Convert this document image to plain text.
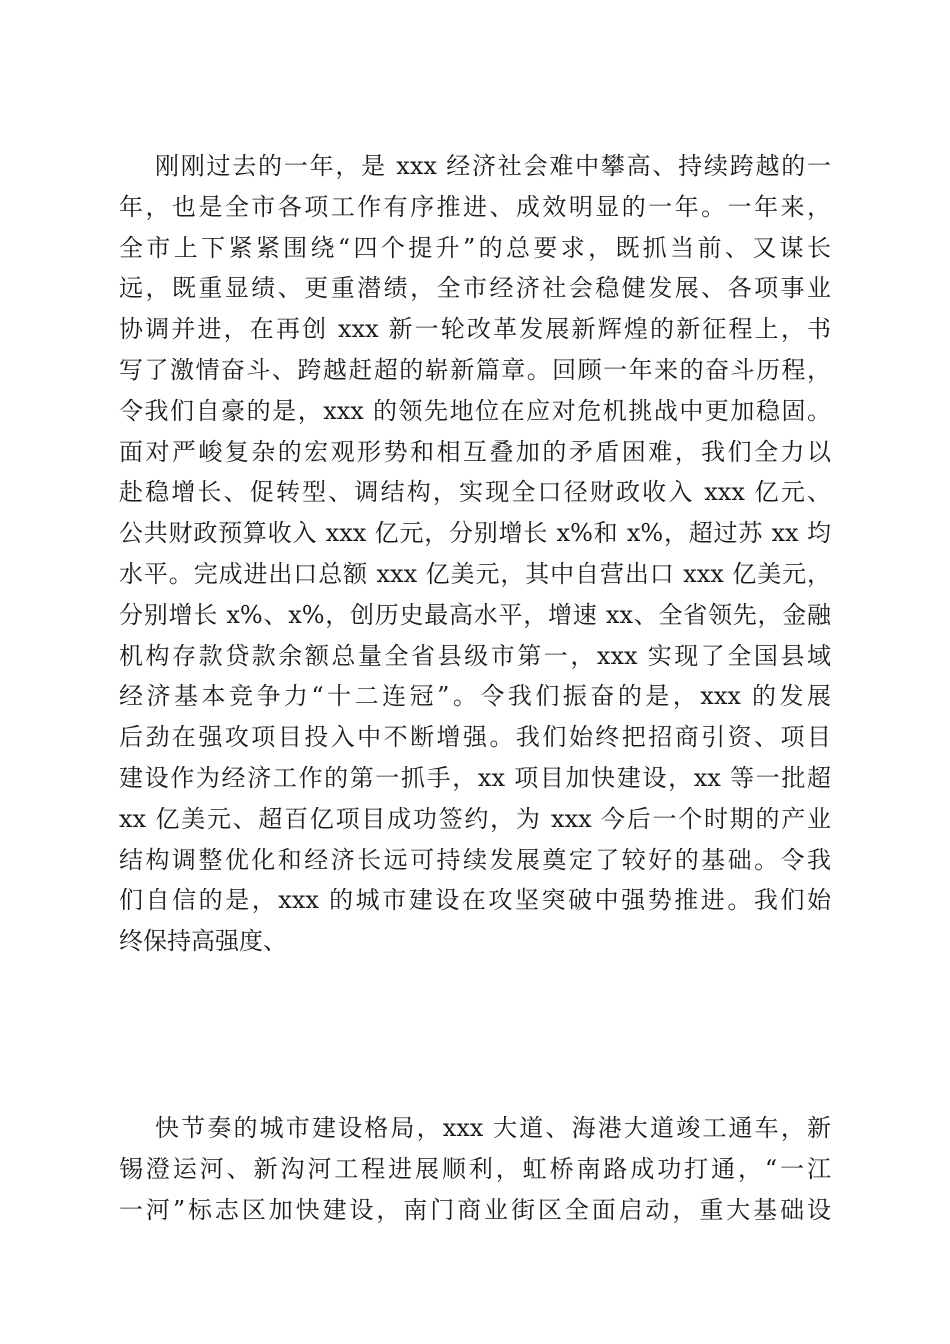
刚刚过去的一年，是 xxx 经济社会难中攀高、持续跨越的一
年，也是全市各项工作有序推进、成效明显的一年。一年来，
全市上下紧紧围绕“四个提升”的总要求，既抓当前、又谋长
远，既重显绩、更重潜绩，全市经济社会稳健发展、各项事业
协调并进，在再创 xxx 新一轮改革发展新辉煌的新征程上，书
写了激情奋斗、跨越赶超的崭新篇章。回顾一年来的奋斗历程，
令我们自豪的是，xxx 的领先地位在应对危机挑战中更加稳固。
面对严峻复杂的宏观形势和相互叠加的矛盾困难，我们全力以
赴稳增长、促转型、调结构，实现全口径财政收入 xxx 亿元、
公共财政预算收入 xxx 亿元，分别增长 x%和 x%，超过苏 xx 均
水平。完成进出口总额 xxx 亿美元，其中自营出口 xxx 亿美元，
分别增长 x%、x%，创历史最高水平，增速 xx、全省领先，金融
机构存款贷款余额总量全省县级市第一，xxx 实现了全国县域
经济基本竞争力“十二连冠”。令我们振奋的是，xxx 的发展
后劲在强攻项目投入中不断增强。我们始终把招商引资、项目
建设作为经济工作的第一抓手，xx 项目加快建设，xx 等一批超
xx 亿美元、超百亿项目成功签约，为 xxx 今后一个时期的产业
结构调整优化和经济长远可持续发展奠定了较好的基础。令我
们自信的是，xxx 的城市建设在攻坚突破中强势推进。我们始
终保持高强度、
快节奏的城市建设格局，xxx 大道、海港大道竣工通车，新
锡澄运河、新沟河工程进展顺利，虹桥南路成功打通，“一江
一河”标志区加快建设，南门商业街区全面启动，重大基础设
